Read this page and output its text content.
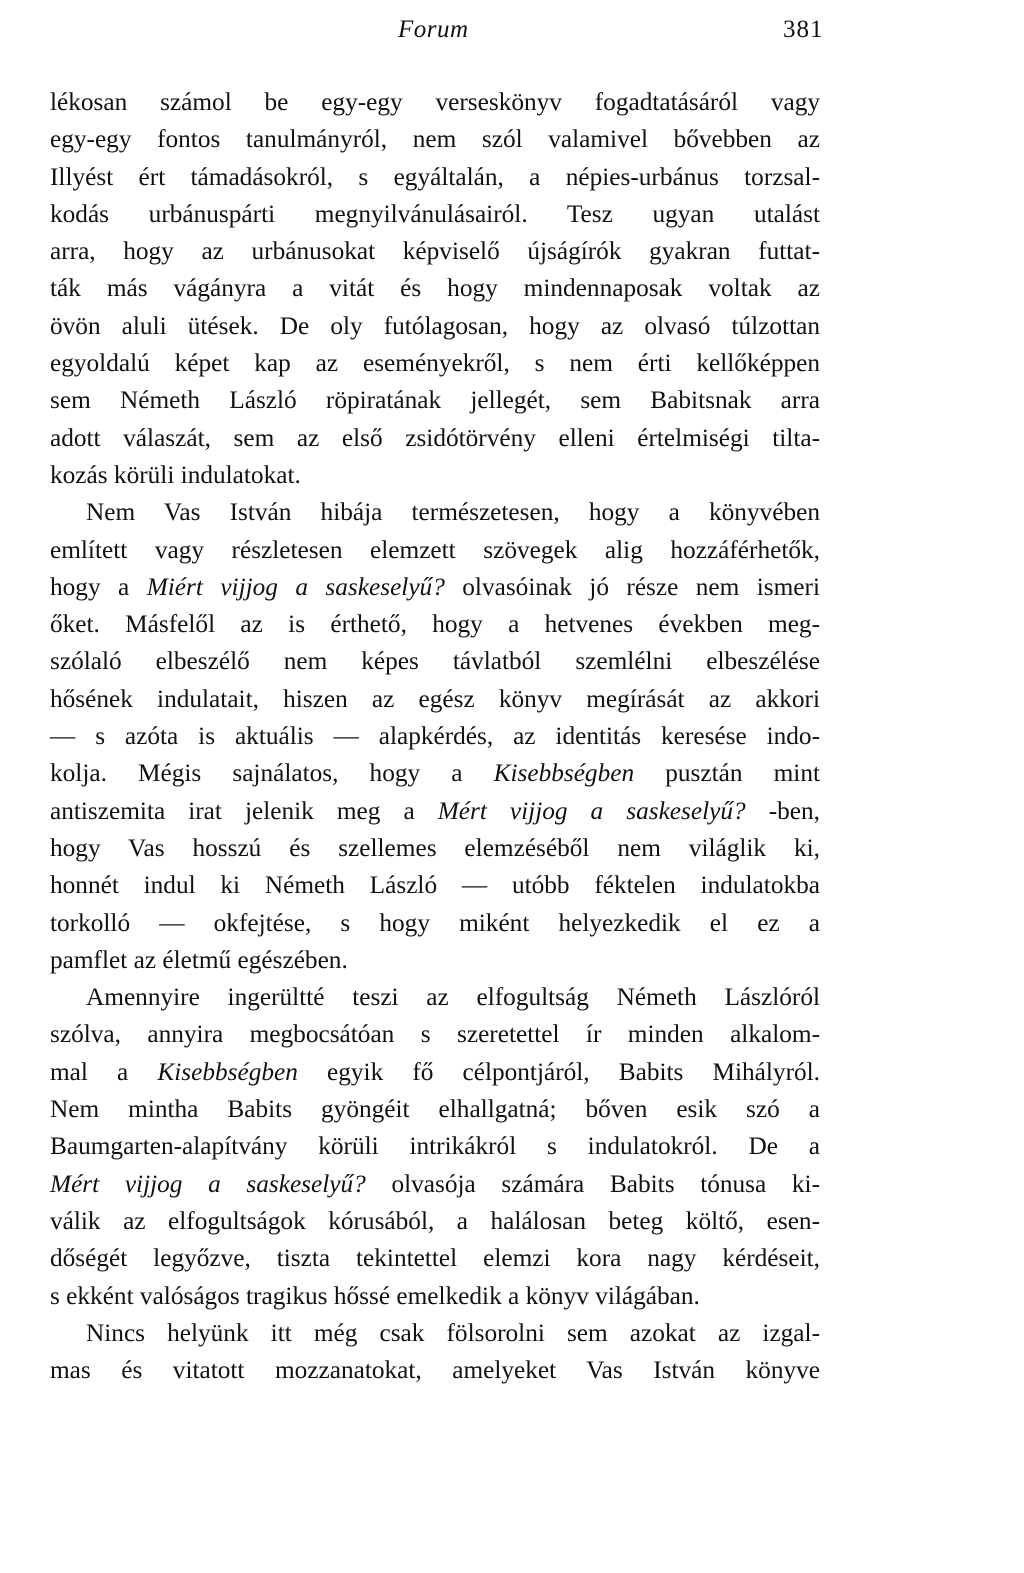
Forum	381
lékosan számol be egy-egy verseskönyv fogadtatásáról vagy
egy-egy fontos tanulmányról, nem szól valamivel bővebben az
Illyést ért támadásokról, s egyáltalán, a népies-urbánus torzsal-
kodás urbánuspárti megnyilvánulásairól. Tesz ugyan utalást
arra, hogy az urbánusokat képviselő újságírók gyakran futtat-
ták más vágányra a vitát és hogy mindennaposak voltak az
övön aluli ütések. De oly futólagosan, hogy az olvasó túlzottan
egyoldalú képet kap az eseményekről, s nem érti kellőképpen
sem Németh László röpiratának jellegét, sem Babitsnak arra
adott válaszát, sem az első zsidótörvény elleni értelmiségi tilta-
kozás körüli indulatokat.
Nem Vas István hibája természetesen, hogy a könyvében
említett vagy részletesen elemzett szövegek alig hozzáférhetők,
hogy a Miért vijjog a saskeselyű? olvasóinak jó része nem ismeri
őket. Másfelől az is érthető, hogy a hetvenes években meg-
szólaló elbeszélő nem képes távlatból szemlélni elbeszélése
hősének indulatait, hiszen az egész könyv megírását az akkori
— s azóta is aktuális — alapkérdés, az identitás keresése indo-
kolja. Mégis sajnálatos, hogy a Kisebbségben pusztán mint
antiszemita irat jelenik meg a Mért vijjog a saskeselyű? -ben,
hogy Vas hosszú és szellemes elemzéséből nem világlik ki,
honnét indul ki Németh László — utóbb féktelen indulatokba
torkolló — okfejtése, s hogy miként helyezkedik el ez a
pamflet az életmű egészében.
Amennyire ingerültté teszi az elfogultság Németh Lászlóról
szólva, annyira megbocsátóan s szeretettel ír minden alkalom-
mal a Kisebbségben egyik fő célpontjáról, Babits Mihályról.
Nem mintha Babits gyöngéit elhallgatná; bőven esik szó a
Baumgarten-alapítvány körüli intrikákról s indulatokról. De a
Mért vijjog a saskeselyű? olvasója számára Babits tónusa ki-
válik az elfogultságok kórusából, a halálosan beteg költő, esen-
dőségét legyőzve, tiszta tekintettel elemzi kora nagy kérdéseit,
s ekként valóságos tragikus hőssé emelkedik a könyv világában.
Nincs helyünk itt még csak fölsorolni sem azokat az izgal-
mas és vitatott mozzanatokat, amelyeket Vas István könyve
